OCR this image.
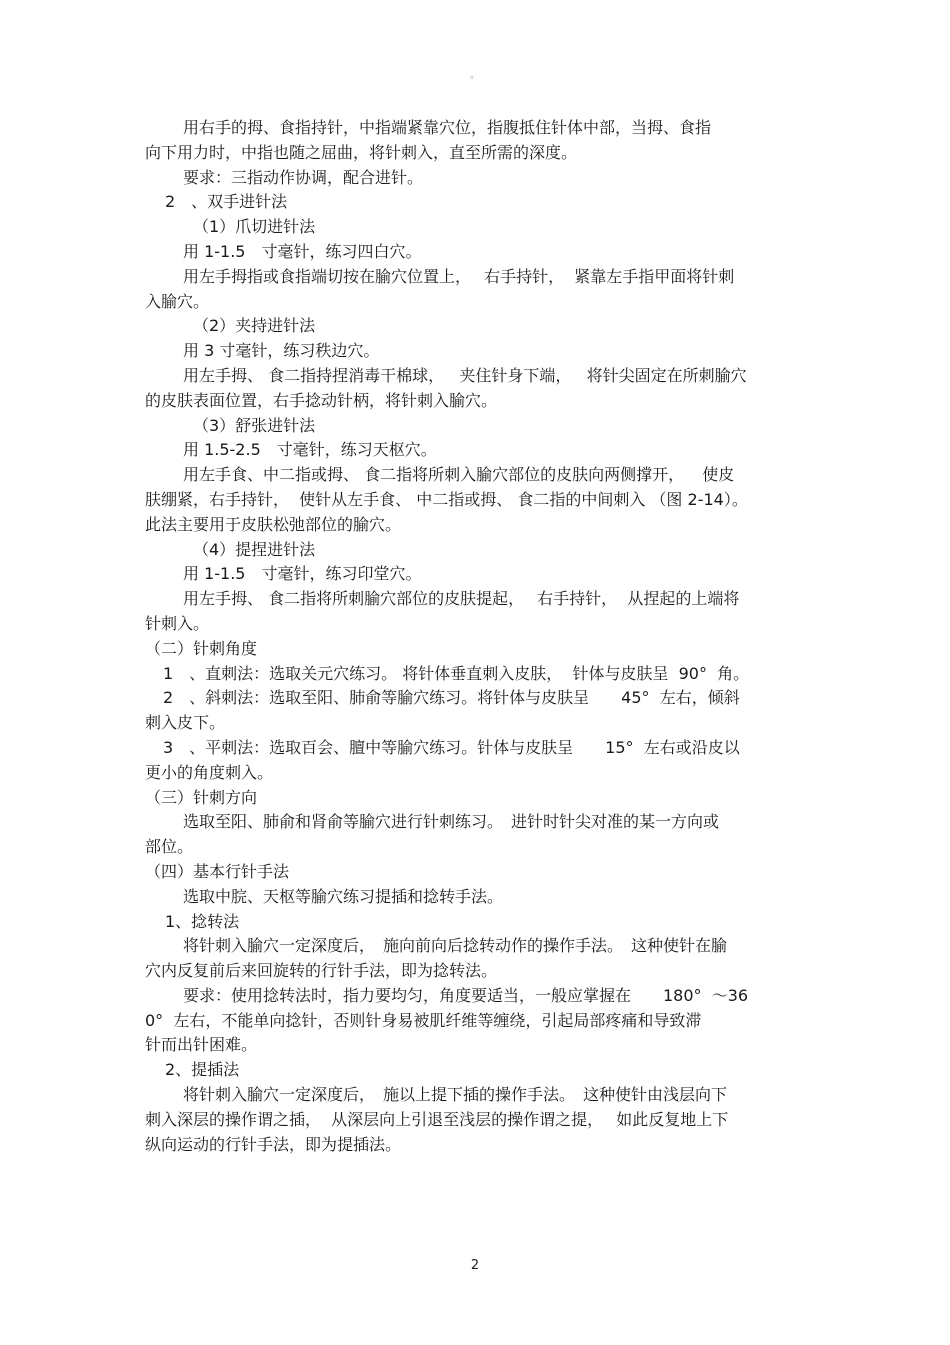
。
用右手的拇、食指持针，中指端紧靠穴位，指腹抵住针体中部，当拇、食指
向下用力时，中指也随之屈曲，将针刺入，直至所需的深度。
要求：三指动作协调，配合进针。
2　、双手进针法
（1）爪切进针法
用 1-1.5　寸毫针，练习四白穴。
用左手拇指或食指端切按在腧穴位置上，　 右手持针，  紧靠左手指甲面将针刺
入腧穴。
（2）夹持进针法
用 3 寸毫针，练习秩边穴。
用左手拇、 食二指持捏消毒干棉球，   夹住针身下端，   将针尖固定在所刺腧穴
的皮肤表面位置，右手捻动针柄，将针刺入腧穴。
（3）舒张进针法
用 1.5-2.5　寸毫针，练习天枢穴。
用左手食、中二指或拇、 食二指将所刺入腧穴部位的皮肤向两侧撑开，　  使皮
肤绷紧，右手持针，  使针从左手食、 中二指或拇、 食二指的中间刺入 （图 2-14）。
此法主要用于皮肤松弛部位的腧穴。
（4）提捏进针法
用 1-1.5　寸毫针，练习印堂穴。
用左手拇、 食二指将所刺腧穴部位的皮肤提起，　 右手持针，  从捏起的上端将
针刺入。
（二）针刺角度
1　、直刺法：选取关元穴练习。 将针体垂直刺入皮肤，  针体与皮肤呈  90°  角。
2　、斜刺法：选取至阳、肺俞等腧穴练习。将针体与皮肤呈　　45°  左右，倾斜
刺入皮下。
3　、平刺法：选取百会、膻中等腧穴练习。针体与皮肤呈　　15°  左右或沿皮以
更小的角度刺入。
（三）针刺方向
选取至阳、肺俞和肾俞等腧穴进行针刺练习。　进针时针尖对准的某一方向或
部位。
（四）基本行针手法
选取中脘、天枢等腧穴练习提插和捻转手法。
1、捻转法
将针刺入腧穴一定深度后，　施向前向后捻转动作的操作手法。　这种使针在腧
穴内反复前后来回旋转的行针手法，即为捻转法。
要求：使用捻转法时，指力要均匀，角度要适当，一般应掌握在　　180°  ～36
0°  左右，不能单向捻针，否则针身易被肌纤维等缠绕，引起局部疼痛和导致滞
针而出针困难。
2、提插法
将针刺入腧穴一定深度后，　施以上提下插的操作手法。　这种使针由浅层向下
刺入深层的操作谓之插，  从深层向上引退至浅层的操作谓之提，　 如此反复地上下
纵向运动的行针手法，即为提插法。
2
